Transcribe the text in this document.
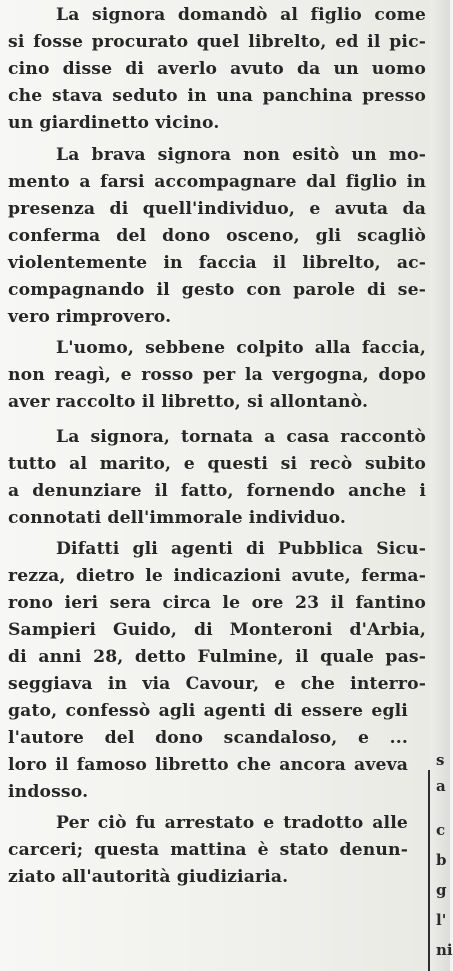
La signora domandò al figlio come
si fosse procurato quel librelto, ed il pic-
cino disse di averlo avuto da un uomo
che stava seduto in una panchina presso
un giardinetto vicino.
La brava signora non esitò un mo-
mento a farsi accompagnare dal figlio in
presenza di quell'individuo, e avuta da
conferma del dono osceno, gli scagliò
violentemente in faccia il librelto, ac-
compagnando il gesto con parole di se-
vero rimprovero.
L'uomo, sebbene colpito alla faccia,
non reagì, e rosso per la vergogna, dopo
aver raccolto il libretto, si allontanò.
La signora, tornata a casa raccontò
tutto al marito, e questi si recò subito
a denunziare il fatto, fornendo anche i
connotati dell'immorale individuo.
Difatti gli agenti di Pubblica Sicu-
rezza, dietro le indicazioni avute, ferma-
rono ieri sera circa le ore 23 il fantino
Sampieri Guido, di Monteroni d'Arbia,
di anni 28, detto Fulmine, il quale pas-
seggiava in via Cavour, e che interro-
gato, confessò agli agenti di essere egli
l'autore del dono scandaloso, e ...
loro il famoso libretto che ancora aveva
indosso.
Per ciò fu arrestato e tradotto alle
carceri; questa mattina è stato denun-
ziato all'autorità giudiziaria.
s
a
c
b
g
l'
ni
